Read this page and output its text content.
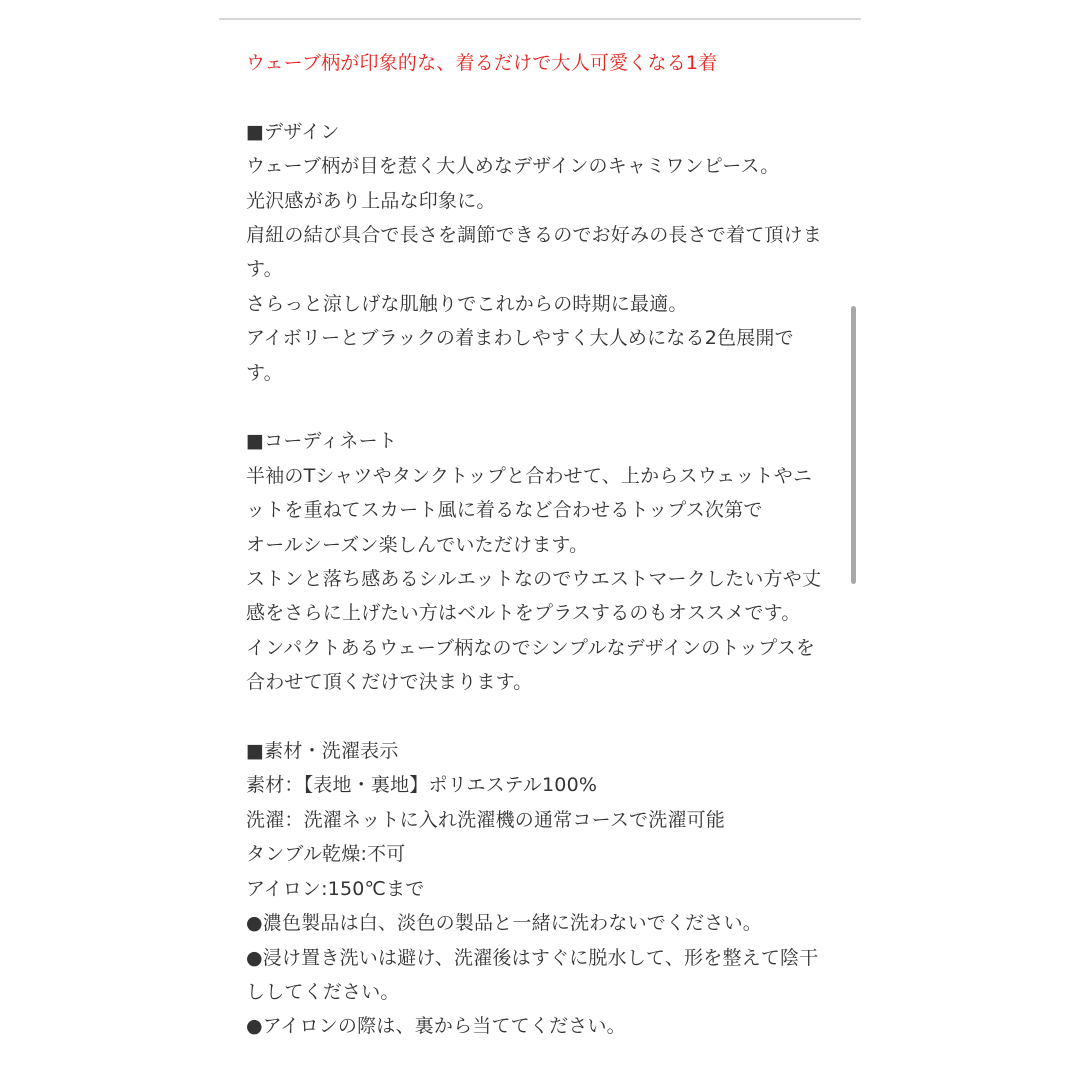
ウェーブ柄が印象的な、着るだけで大人可愛くなる1着
■デザイン
ウェーブ柄が目を惹く大人めなデザインのキャミワンピース。
光沢感があり上品な印象に。
肩紐の結び具合で長さを調節できるのでお好みの長さで着て頂けま
す。
さらっと涼しげな肌触りでこれからの時期に最適。
アイボリーとブラックの着まわしやすく大人めになる2色展開で
す。
■コーディネート
半袖のTシャツやタンクトップと合わせて、上からスウェットやニ
ットを重ねてスカート風に着るなど合わせるトップス次第で
オールシーズン楽しんでいただけます。
ストンと落ち感あるシルエットなのでウエストマークしたい方や丈
感をさらに上げたい方はベルトをプラスするのもオススメです。
インパクトあるウェーブ柄なのでシンプルなデザインのトップスを
合わせて頂くだけで決まります。
■素材・洗濯表示
素材：【表地・裏地】ポリエステル100%
洗濯：洗濯ネットに入れ洗濯機の通常コースで洗濯可能
タンブル乾燥:不可
アイロン:150℃まで
●濃色製品は白、淡色の製品と一緒に洗わないでください。
●浸け置き洗いは避け、洗濯後はすぐに脱水して、形を整えて陰干
ししてください。
●アイロンの際は、裏から当ててください。
